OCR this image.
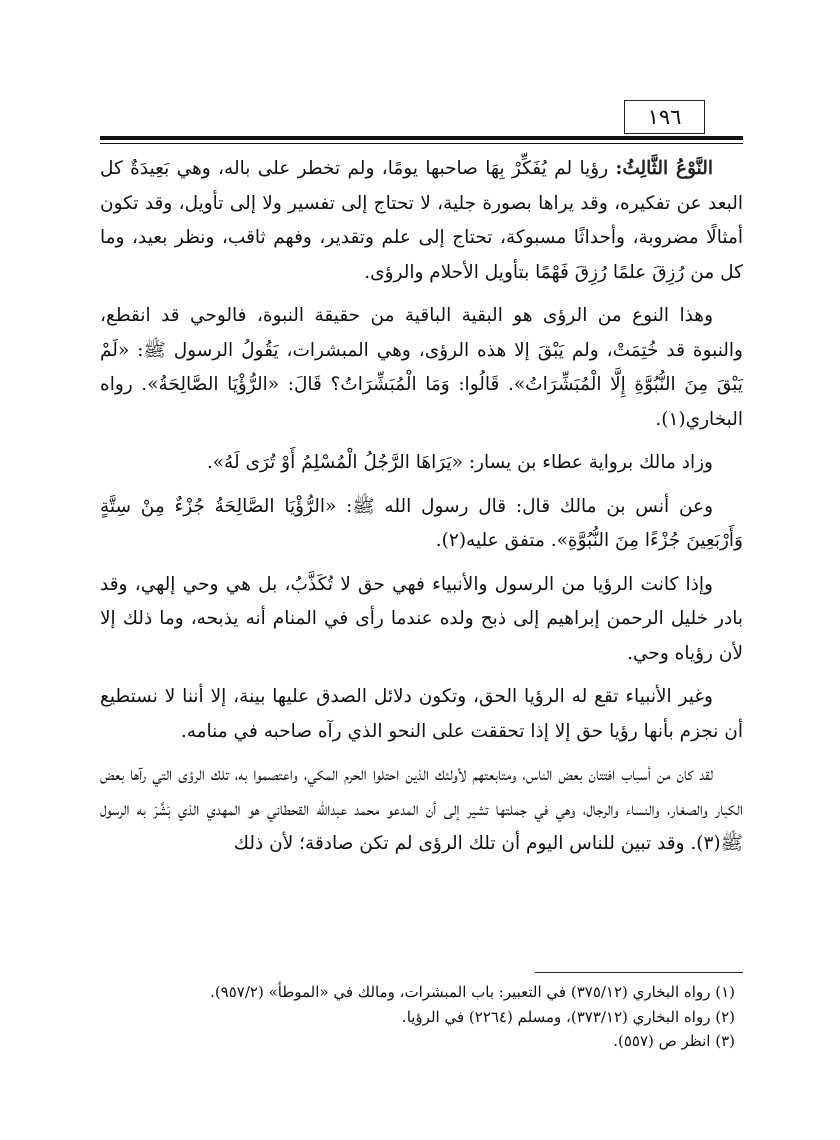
١٩٦

النَّوْعُ الثَّالِثُ: رؤيا لم يُفَكِّرْ بِهَا صاحبها يومًا، ولم تخطر على باله، وهي بَعِيدَةٌ كل البعد عن تفكيره، وقد يراها بصورة جلية، لا تحتاج إلى تفسير ولا إلى تأويل، وقد تكون أمثالًا مضروبة، وأحداثًا مسبوكة، تحتاج إلى علم وتقدير، وفهم ثاقب، ونظر بعيد، وما كل من رُزِقَ علمًا رُزِقَ فَهْمًا بتأويل الأحلام والرؤى.

وهذا النوع من الرؤى هو البقية الباقية من حقيقة النبوة، فالوحي قد انقطع، والنبوة قد خُتِمَتْ، ولم يَبْقَ إلا هذه الرؤى، وهي المبشرات، يَقُولُ الرسول ﷺ: «لَمْ يَبْقَ مِنَ النُّبُوَّةِ إِلَّا الْمُبَشِّرَاتُ». قَالُوا: وَمَا الْمُبَشِّرَاتُ؟ قَالَ: «الرُّؤْيَا الصَّالِحَةُ». رواه البخاري(١).

وزاد مالك برواية عطاء بن يسار: «يَرَاهَا الرَّجُلُ الْمُسْلِمُ أَوْ تُرَى لَهُ».

وعن أنس بن مالك قال: قال رسول الله ﷺ: «الرُّؤْيَا الصَّالِحَةُ جُزْءٌ مِنْ سِتَّةٍ وَأَرْبَعِينَ جُزْءًا مِنَ النُّبُوَّةِ». متفق عليه(٢).

وإذا كانت الرؤيا من الرسول والأنبياء فهي حق لا تُكَذَّبُ، بل هي وحي إلهي، وقد بادر خليل الرحمن إبراهيم إلى ذبح ولده عندما رأى في المنام أنه يذبحه، وما ذلك إلا لأن رؤياه وحي.

وغير الأنبياء تقع له الرؤيا الحق، وتكون دلائل الصدق عليها بينة، إلا أننا لا نستطيع أن نجزم بأنها رؤيا حق إلا إذا تحققت على النحو الذي رآه صاحبه في منامه.

لقد كان من أسباب افتتان بعض الناس، ومتابعتهم لأولئك الذين احتلوا الحرم المكي، واعتصموا به، تلك الرؤى التي رآها بعض الكبار والصغار، والنساء والرجال، وهي في جملتها تشير إلى أن المدعو محمد عبدالله القحطاني هو المهدي الذي بَشَّرَ به الرسول ﷺ(٣). وقد تبين للناس اليوم أن تلك الرؤى لم تكن صادقة؛ لأن ذلك

(١) رواه البخاري (٣٧٥/١٢) في التعبير: باب المبشرات، ومالك في «الموطأ» (٩٥٧/٢).
(٢) رواه البخاري (٣٧٣/١٢)، ومسلم (٢٢٦٤) في الرؤيا.
(٣) انظر ص (٥٥٧).
